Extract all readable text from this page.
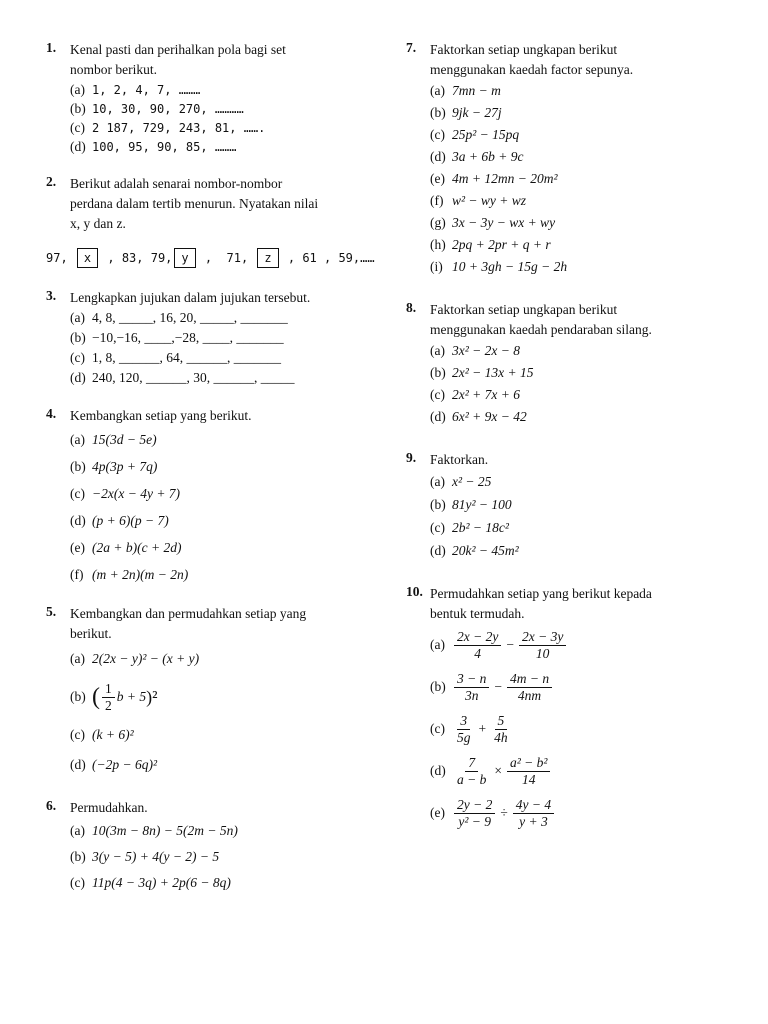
1. Kenal pasti dan perihalkan pola bagi set
nombor berikut.
(a) 1, 2, 4, 7, ………
(b) 10, 30, 90, 270, …………
(c) 2 187, 729, 243, 81, …….
(d) 100, 95, 90, 85, ………
2. Berikut adalah senarai nombor-nombor
perdana dalam tertib menurun. Nyatakan nilai
x, y dan z.
97, x , 83, 79, y ,  71, z , 61 , 59,……
3. Lengkapkan jujukan dalam jujukan tersebut.
(a) 4, 8, _____, 16, 20, _____, _______
(b) −10,−16, ____,−28, ____, _______
(c) 1, 8, ______, 64, ______, _______
(d) 240, 120, ______, 30, ______, _____
4. Kembangkan setiap yang berikut.
(a) 15(3d − 5e)
(b) 4p(3p + 7q)
(c) −2x(x − 4y + 7)
(d) (p + 6)(p − 7)
(e) (2a + b)(c + 2d)
(f) (m + 2n)(m − 2n)
5. Kembangkan dan permudahkan setiap yang
berikut.
(a) 2(2x − y)² − (x + y)
(b) ( $\frac{1}{2}$ b + 5 )²
(c) (k + 6)²
(d) (−2p − 6q)²
6. Permudahkan.
(a) 10(3m − 8n) − 5(2m − 5n)
(b) 3(y − 5) + 4(y − 2) − 5
(c) 11p(4 − 3q) + 2p(6 − 8q)
7. Faktorkan setiap ungkapan berikut
menggunakan kaedah factor sepunya.
(a) 7mn − m
(b) 9jk − 27j
(c) 25p² − 15pq
(d) 3a + 6b + 9c
(e) 4m + 12mn − 20m²
(f) w² − wy + wz
(g) 3x − 3y − wx + wy
(h) 2pq + 2pr + q + r
(i) 10 + 3gh − 15g − 2h
8. Faktorkan setiap ungkapan berikut
menggunakan kaedah pendaraban silang.
(a) 3x² − 2x − 8
(b) 2x² − 13x + 15
(c) 2x² + 7x + 6
(d) 6x² + 9x − 42
9. Faktorkan.
(a) x² − 25
(b) 81y² − 100
(c) 2b² − 18c²
(d) 20k² − 45m²
10. Permudahkan setiap yang berikut kepada
bentuk termudah.
$(a) \frac{2x - 2y}{4} - \frac{2x - 3y}{10}$
$(b) \frac{3 - n}{3n} - \frac{4m - n}{4nm}$
$(c) \frac{3}{5g} + \frac{5}{4h}$
$(d) \frac{7}{a - b} \times \frac{\text{a² − b²}}{14}$
$(e) \frac{2y - 2}{\text{y² − 9}} \div \frac{4y - 4}{y + 3}$
